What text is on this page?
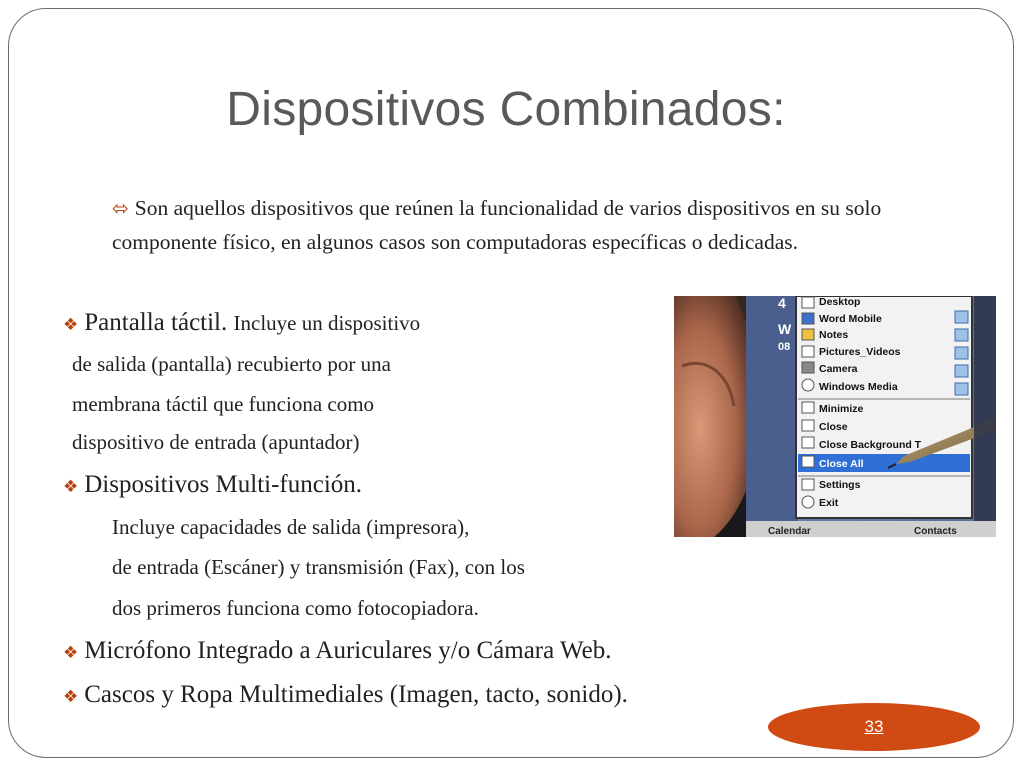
Dispositivos Combinados:
⬄ Son aquellos dispositivos que reúnen la funcionalidad de varios dispositivos en su solo componente físico, en algunos casos son computadoras específicas o dedicadas.
❖ Pantalla táctil. Incluye un dispositivo
de salida (pantalla) recubierto por una
membrana táctil que funciona como
dispositivo de entrada (apuntador)
❖ Dispositivos Multi-función.
Incluye capacidades de salida (impresora),
de entrada (Escáner) y transmisión (Fax), con los
dos primeros funciona como fotocopiadora.
❖ Micrófono Integrado a Auriculares y/o Cámara Web.
❖ Cascos y Ropa Multimediales (Imagen, tacto, sonido).
4
W
08
Desktop
Word Mobile
Notes
Pictures_Videos
Camera
Windows Media
Minimize
Close
Close Background T
Close All
Settings
Exit
Calendar	Contacts
33
